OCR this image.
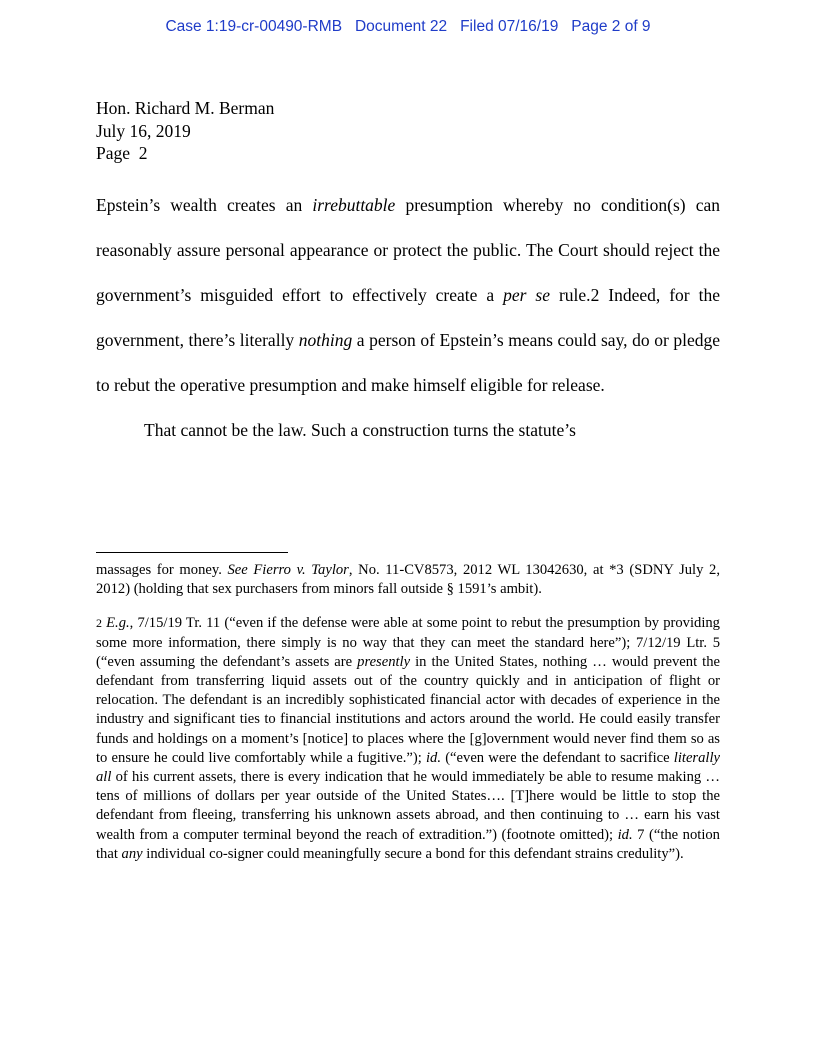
Case 1:19-cr-00490-RMB Document 22 Filed 07/16/19 Page 2 of 9
Hon. Richard M. Berman
July 16, 2019
Page  2

Epstein’s wealth creates an irrebuttable presumption whereby no condition(s) can reasonably assure personal appearance or protect the public. The Court should reject the government’s misguided effort to effectively create a per se rule.2 Indeed, for the government, there’s literally nothing a person of Epstein’s means could say, do or pledge to rebut the operative presumption and make himself eligible for release.

That cannot be the law. Such a construction turns the statute’s

massages for money. See Fierro v. Taylor, No. 11-CV8573, 2012 WL 13042630, at *3 (SDNY July 2, 2012) (holding that sex purchasers from minors fall outside § 1591’s ambit).

2 E.g., 7/15/19 Tr. 11 (“even if the defense were able at some point to rebut the presumption by providing some more information, there simply is no way that they can meet the standard here”); 7/12/19 Ltr. 5 (“even assuming the defendant’s assets are presently in the United States, nothing … would prevent the defendant from transferring liquid assets out of the country quickly and in anticipation of flight or relocation. The defendant is an incredibly sophisticated financial actor with decades of experience in the industry and significant ties to financial institutions and actors around the world. He could easily transfer funds and holdings on a moment’s [notice] to places where the [g]overnment would never find them so as to ensure he could live comfortably while a fugitive.”); id. (“even were the defendant to sacrifice literally all of his current assets, there is every indication that he would immediately be able to resume making … tens of millions of dollars per year outside of the United States…. [T]here would be little to stop the defendant from fleeing, transferring his unknown assets abroad, and then continuing to … earn his vast wealth from a computer terminal beyond the reach of extradition.”) (footnote omitted); id. 7 (“the notion that any individual co-signer could meaningfully secure a bond for this defendant strains credulity”).
